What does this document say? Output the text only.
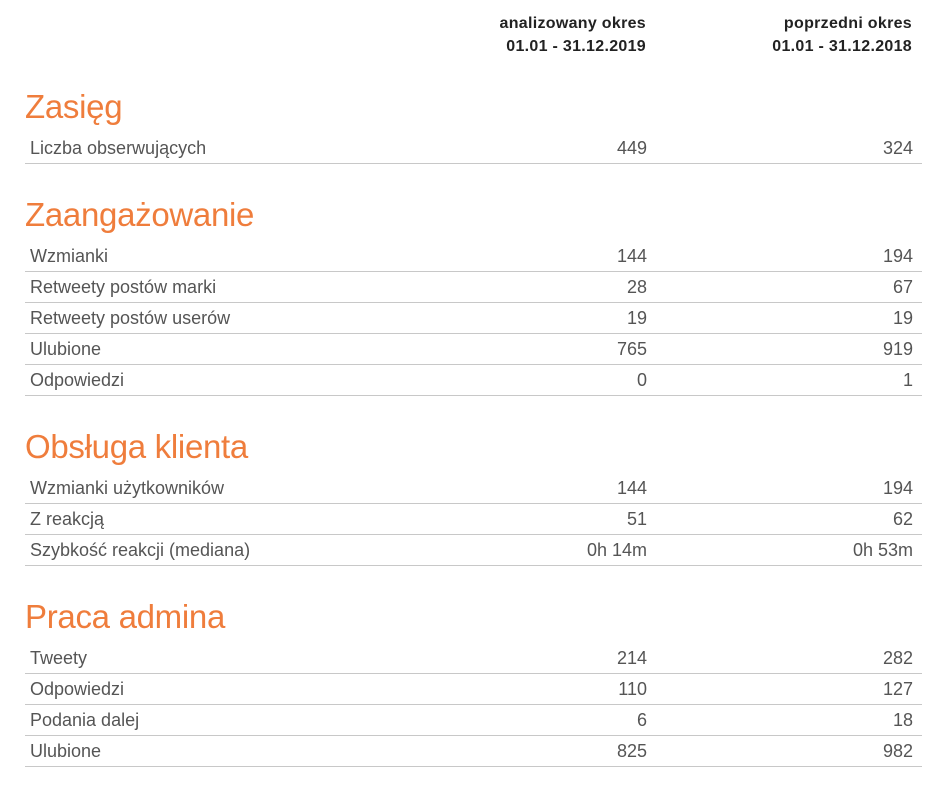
analizowany okres
01.01 - 31.12.2019
poprzedni okres
01.01 - 31.12.2018
Zasięg
Liczba obserwujących	449	324
Zaangażowanie
Wzmianki	144	194
Retweety postów marki	28	67
Retweety postów userów	19	19
Ulubione	765	919
Odpowiedzi	0	1
Obsługa klienta
Wzmianki użytkowników	144	194
Z reakcją	51	62
Szybkość reakcji (mediana)	0h 14m	0h 53m
Praca admina
Tweety	214	282
Odpowiedzi	110	127
Podania dalej	6	18
Ulubione	825	982
